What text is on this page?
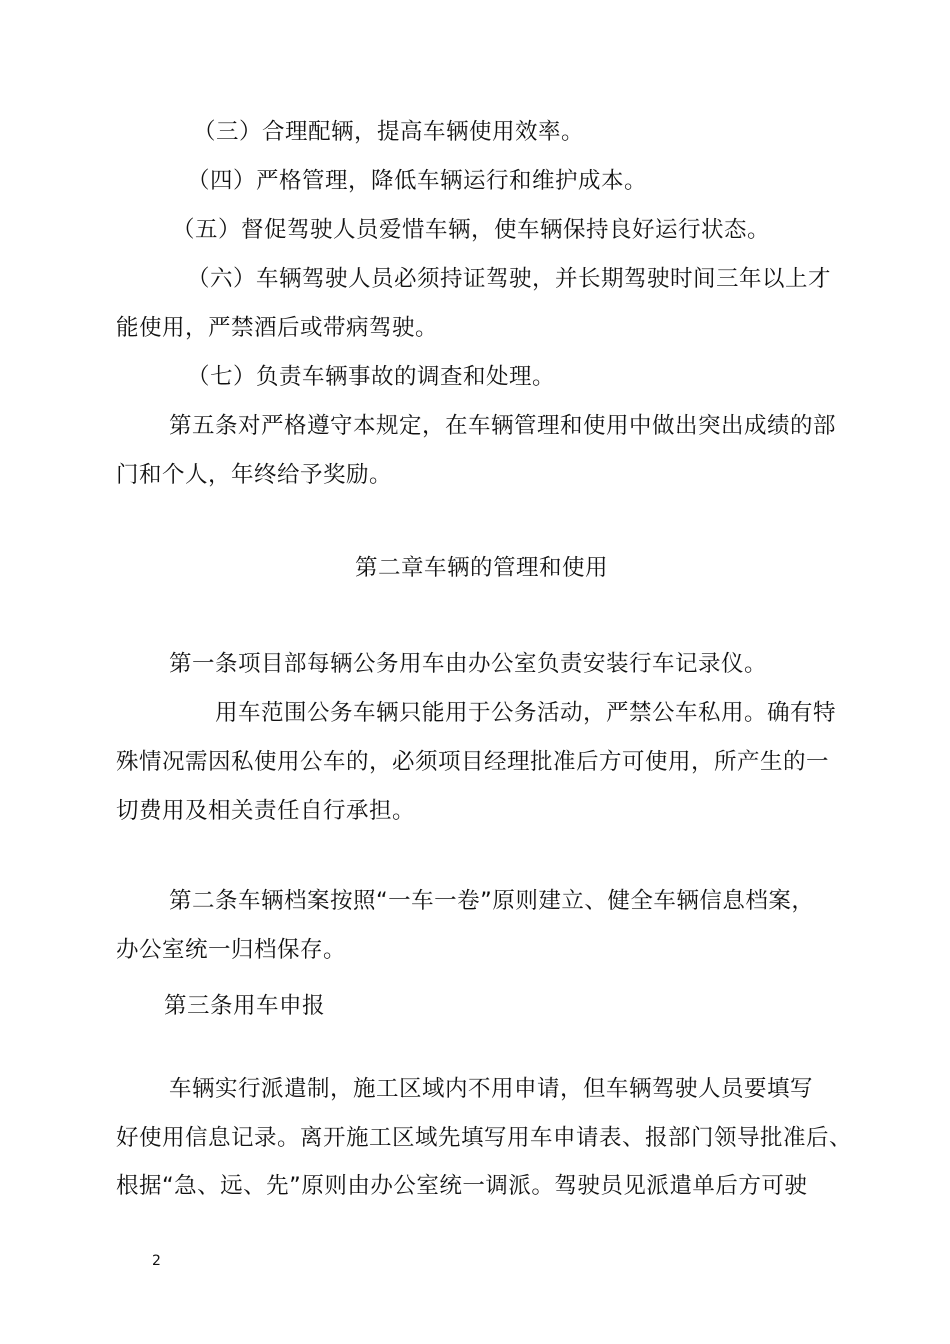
（三）合理配辆，提高车辆使用效率。
（四）严格管理，降低车辆运行和维护成本。
（五）督促驾驶人员爱惜车辆，使车辆保持良好运行状态。
（六）车辆驾驶人员必须持证驾驶，并长期驾驶时间三年以上才
能使用，严禁酒后或带病驾驶。
（七）负责车辆事故的调查和处理。
第五条对严格遵守本规定，在车辆管理和使用中做出突出成绩的部
门和个人，年终给予奖励。
第二章车辆的管理和使用
第一条项目部每辆公务用车由办公室负责安装行车记录仪。
用车范围公务车辆只能用于公务活动，严禁公车私用。确有特
殊情况需因私使用公车的，必须项目经理批准后方可使用，所产生的一
切费用及相关责任自行承担。
第二条车辆档案按照“一车一卷”原则建立、健全车辆信息档案，
办公室统一归档保存。
第三条用车申报
车辆实行派遣制，施工区域内不用申请，但车辆驾驶人员要填写
好使用信息记录。离开施工区域先填写用车申请表、报部门领导批准后、
根据“急、远、先”原则由办公室统一调派。驾驶员见派遣单后方可驶
2
